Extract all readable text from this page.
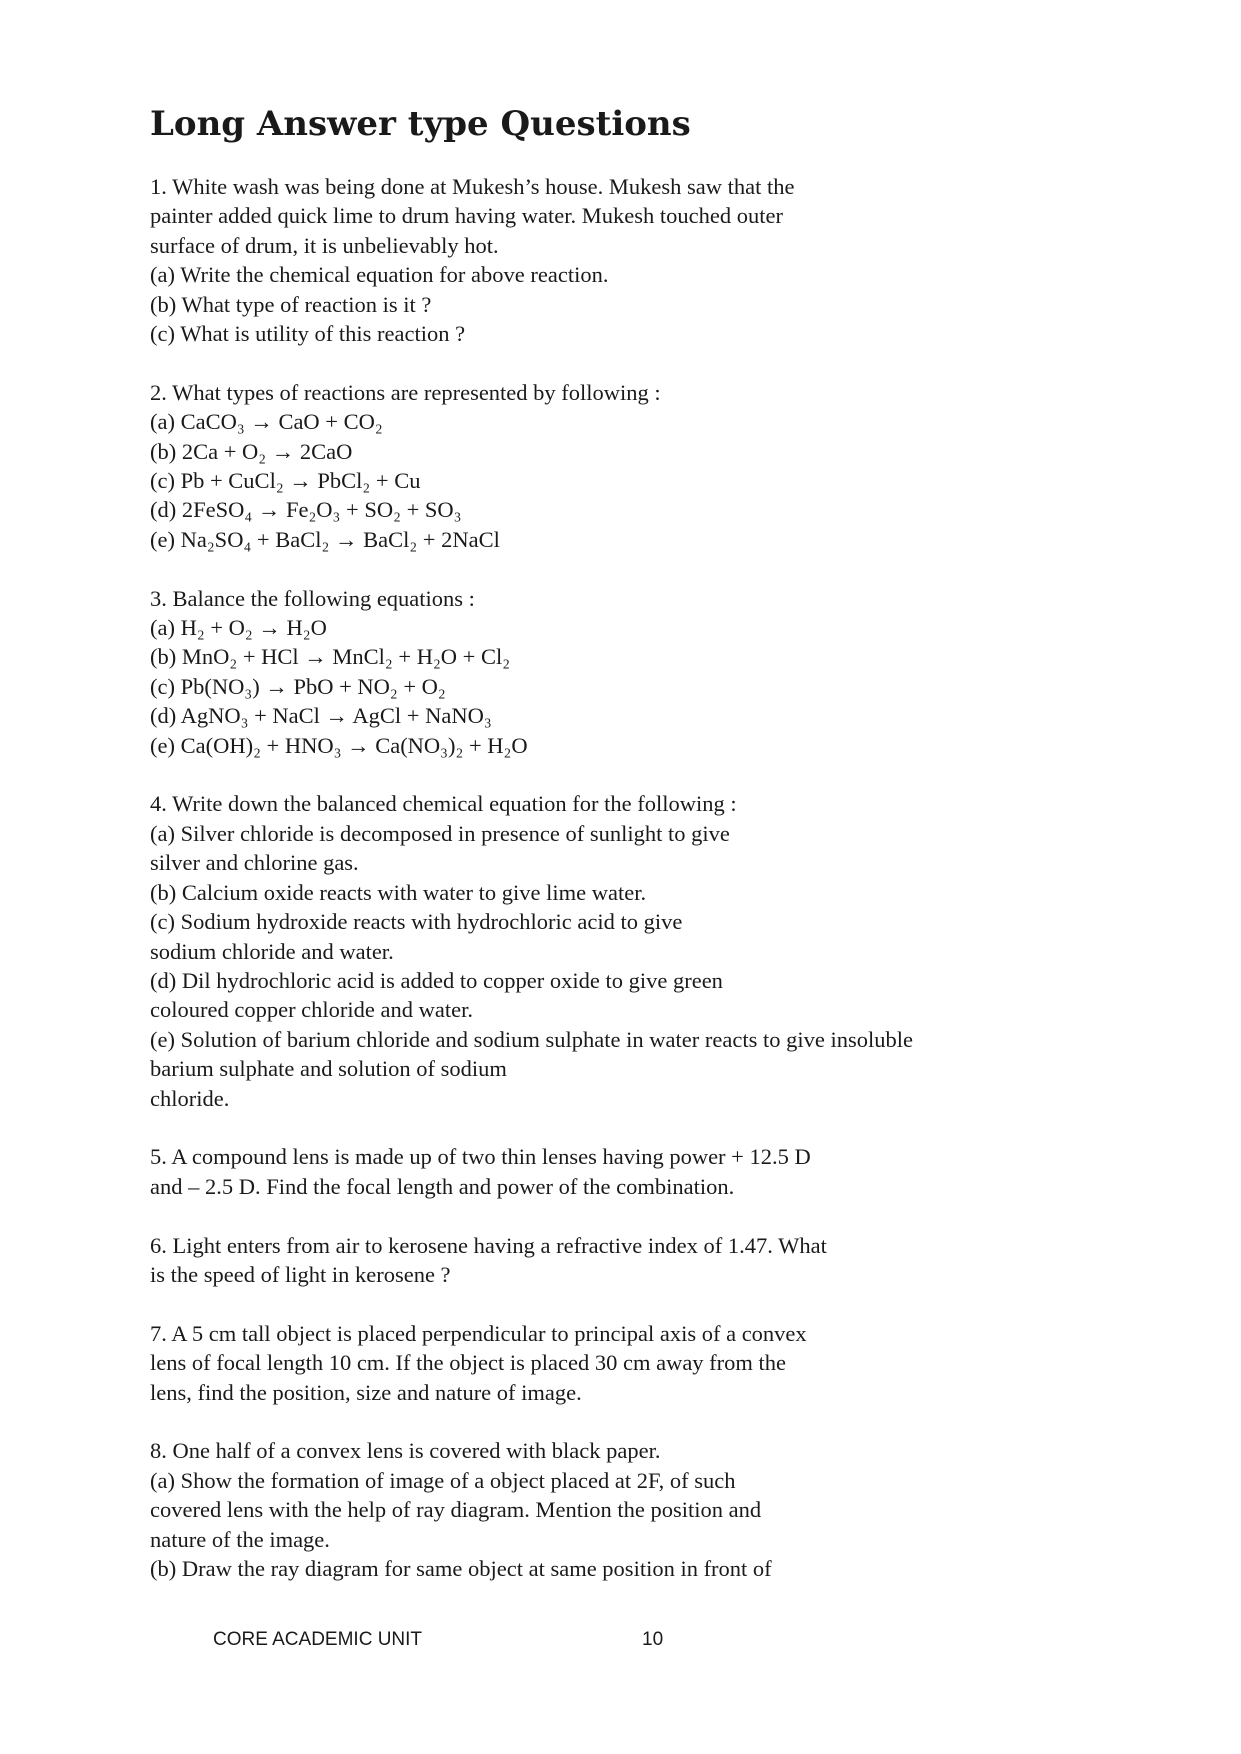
Long Answer type Questions
1. White wash was being done at Mukesh’s house. Mukesh saw that the
painter added quick lime to drum having water. Mukesh touched outer
surface of drum, it is unbelievably hot.
(a) Write the chemical equation for above reaction.
(b) What type of reaction is it ?
(c) What is utility of this reaction ?
2. What types of reactions are represented by following :
(a) CaCO₃ → CaO + CO₂
(b) 2Ca + O₂ → 2CaO
(c) Pb + CuCl₂ → PbCl₂ + Cu
(d) 2FeSO₄ → Fe₂O₃ + SO₂ + SO₃
(e) Na₂SO₄ + BaCl₂ → BaCl₂ + 2NaCl
3. Balance the following equations :
(a) H₂ + O₂ → H₂O
(b) MnO₂ + HCl → MnCl₂ + H₂O + Cl₂
(c) Pb(NO₃) → PbO + NO₂ + O₂
(d) AgNO₃ + NaCl → AgCl + NaNO₃
(e) Ca(OH)₂ + HNO₃ → Ca(NO₃)₂ + H₂O
4. Write down the balanced chemical equation for the following :
(a) Silver chloride is decomposed in presence of sunlight to give
silver and chlorine gas.
(b) Calcium oxide reacts with water to give lime water.
(c) Sodium hydroxide reacts with hydrochloric acid to give
sodium chloride and water.
(d) Dil hydrochloric acid is added to copper oxide to give green
coloured copper chloride and water.
(e) Solution of barium chloride and sodium sulphate in water reacts to give insoluble
barium sulphate and solution of sodium
chloride.
5. A compound lens is made up of two thin lenses having power + 12.5 D
and – 2.5 D. Find the focal length and power of the combination.
6. Light enters from air to kerosene having a refractive index of 1.47. What
is the speed of light in kerosene ?
7. A 5 cm tall object is placed perpendicular to principal axis of a convex
lens of focal length 10 cm. If the object is placed 30 cm away from the
lens, find the position, size and nature of image.
8. One half of a convex lens is covered with black paper.
(a) Show the formation of image of a object placed at 2F, of such
covered lens with the help of ray diagram. Mention the position and
nature of the image.
(b) Draw the ray diagram for same object at same position in front of
CORE ACADEMIC UNIT	10
